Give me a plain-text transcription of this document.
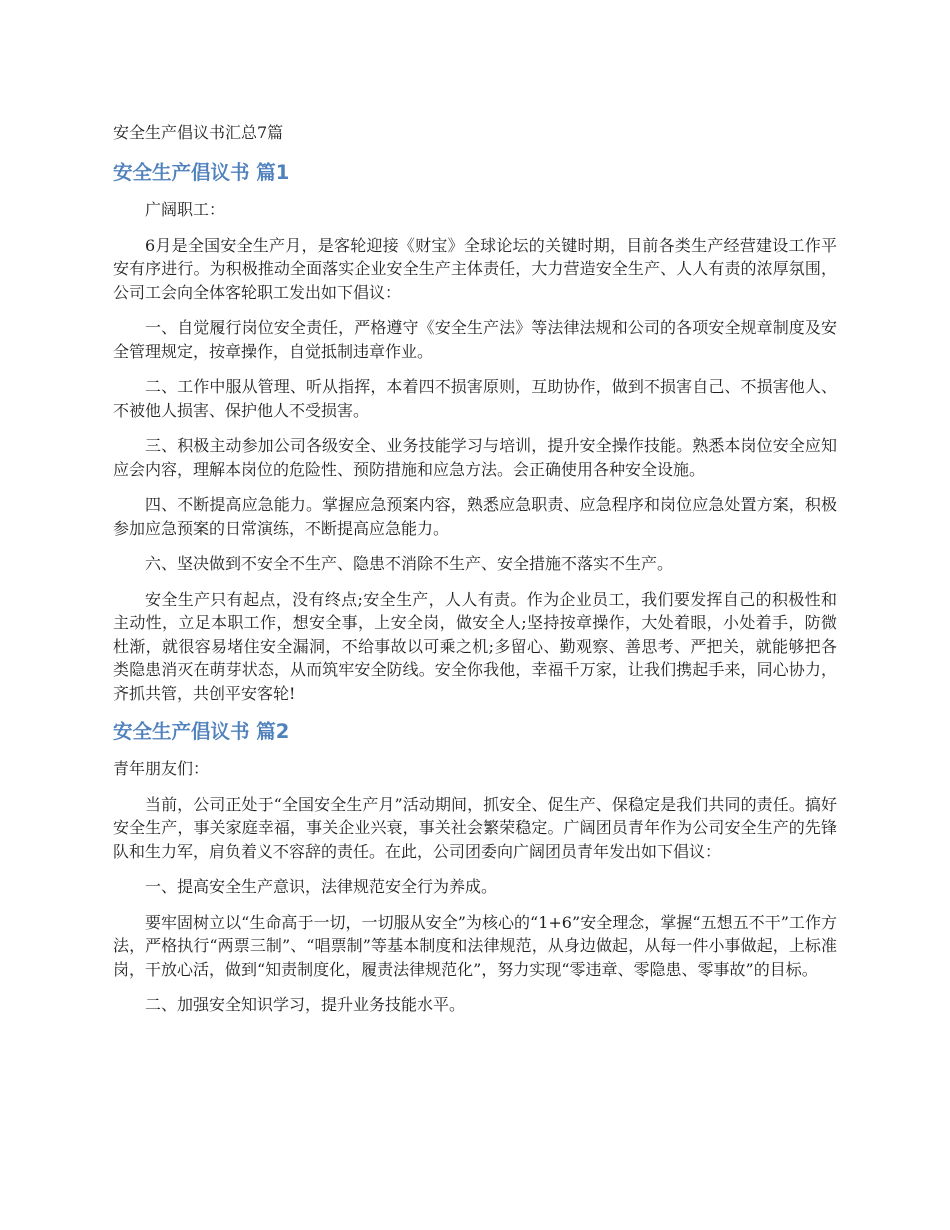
安全生产倡议书汇总7篇
安全生产倡议书 篇1

广阔职工：

6月是全国安全生产月，是客轮迎接《财宝》全球论坛的关键时期，目前各类生产经营建设工作平安有序进行。为积极推动全面落实企业安全生产主体责任，大力营造安全生产、人人有责的浓厚氛围，公司工会向全体客轮职工发出如下倡议：

一、自觉履行岗位安全责任，严格遵守《安全生产法》等法律法规和公司的各项安全规章制度及安全管理规定，按章操作，自觉抵制违章作业。

二、工作中服从管理、听从指挥，本着四不损害原则，互助协作，做到不损害自己、不损害他人、不被他人损害、保护他人不受损害。

三、积极主动参加公司各级安全、业务技能学习与培训，提升安全操作技能。熟悉本岗位安全应知应会内容，理解本岗位的危险性、预防措施和应急方法。会正确使用各种安全设施。

四、不断提高应急能力。掌握应急预案内容，熟悉应急职责、应急程序和岗位应急处置方案，积极参加应急预案的日常演练，不断提高应急能力。

六、坚决做到不安全不生产、隐患不消除不生产、安全措施不落实不生产。

安全生产只有起点，没有终点;安全生产，人人有责。作为企业员工，我们要发挥自己的积极性和主动性，立足本职工作，想安全事，上安全岗，做安全人;坚持按章操作，大处着眼，小处着手，防微杜渐，就很容易堵住安全漏洞，不给事故以可乘之机;多留心、勤观察、善思考、严把关，就能够把各类隐患消灭在萌芽状态，从而筑牢安全防线。安全你我他，幸福千万家，让我们携起手来，同心协力，齐抓共管，共创平安客轮!

安全生产倡议书 篇2

青年朋友们：

当前，公司正处于“全国安全生产月”活动期间，抓安全、促生产、保稳定是我们共同的责任。搞好安全生产，事关家庭幸福，事关企业兴衰，事关社会繁荣稳定。广阔团员青年作为公司安全生产的先锋队和生力军，肩负着义不容辞的责任。在此，公司团委向广阔团员青年发出如下倡议：

一、提高安全生产意识，法律规范安全行为养成。

要牢固树立以“生命高于一切，一切服从安全”为核心的“1+6”安全理念，掌握“五想五不干”工作方法，严格执行“两票三制”、“唱票制”等基本制度和法律规范，从身边做起，从每一件小事做起，上标准岗，干放心活，做到“知责制度化，履责法律规范化”，努力实现“零违章、零隐患、零事故”的目标。

二、加强安全知识学习，提升业务技能水平。
